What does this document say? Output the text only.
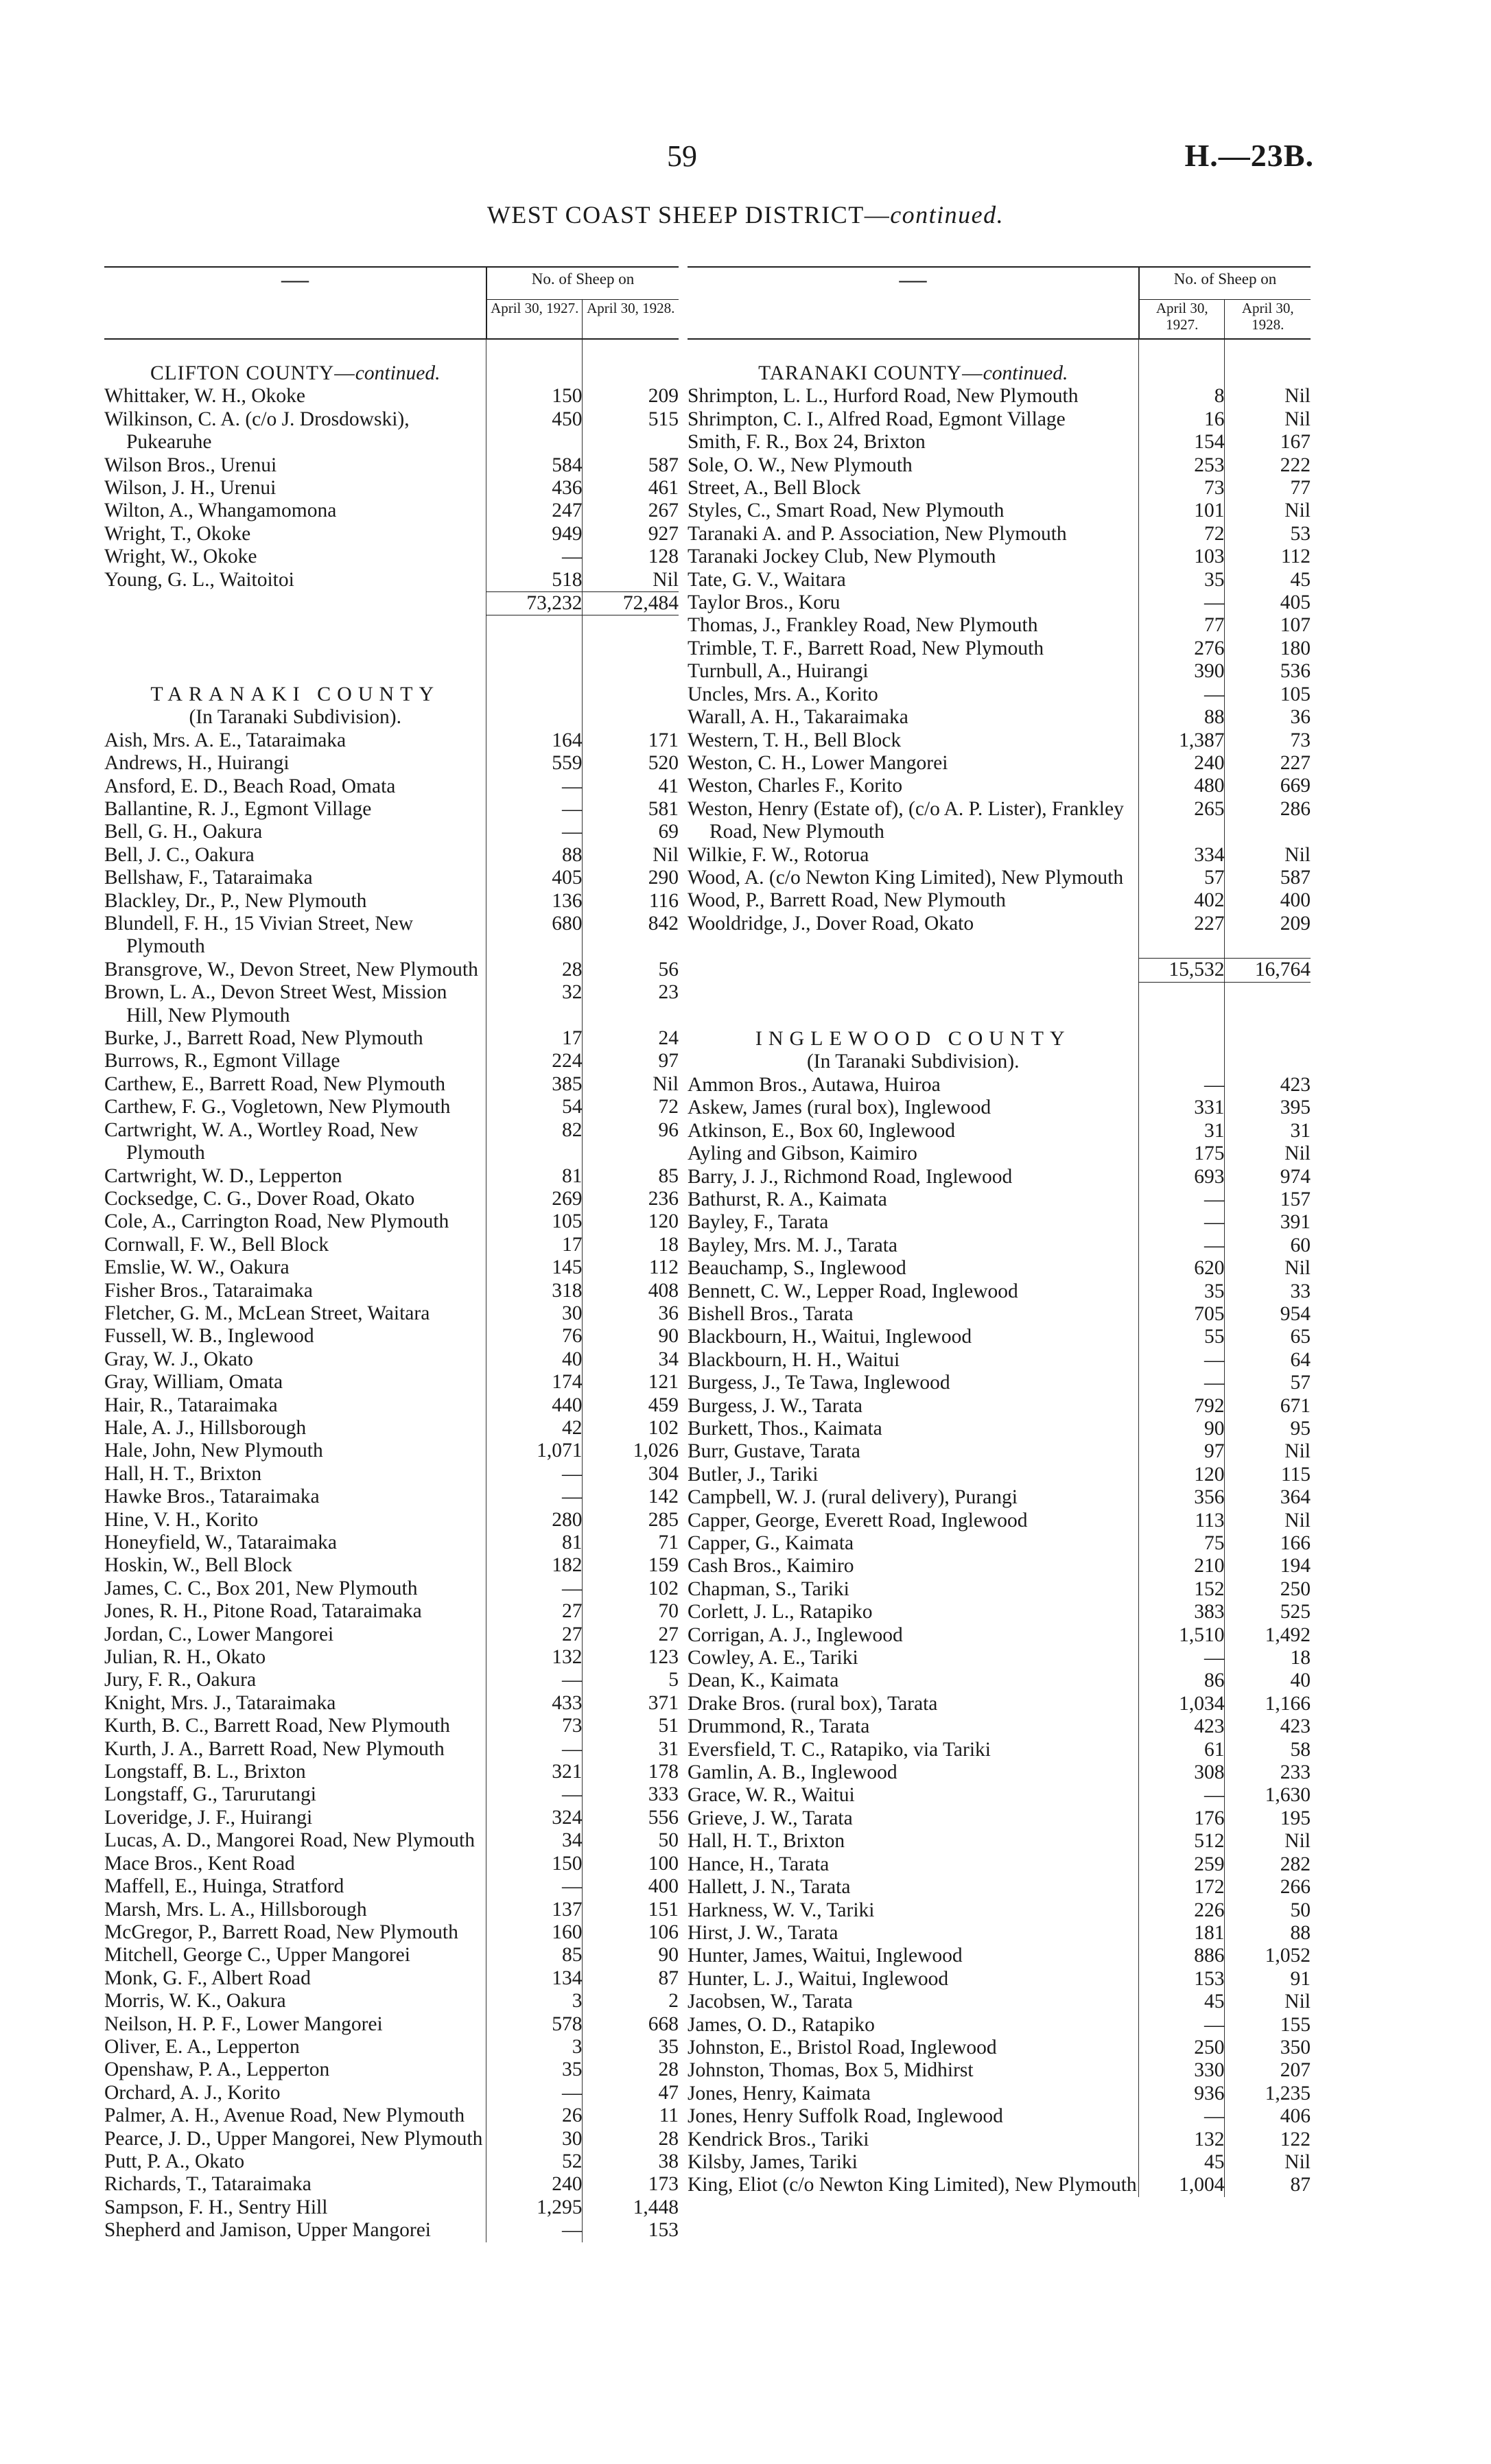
59	H.—23B.
WEST COAST SHEEP DISTRICT—continued.
—	No. of Sheep on	
	April 30, 1927.	April 30, 1928.

CLIFTON COUNTY—continued.		

Whittaker, W. H., Okoke	150	209

Wilkinson, C. A. (c/o J. Drosdowski), Pukearuhe	450	515

Wilson Bros., Urenui	584	587

Wilson, J. H., Urenui	436	461

Wilton, A., Whangamomona	247	267

Wright, T., Okoke	949	927

Wright, W., Okoke	—	128

Young, G. L., Waitoitoi	518	Nil
	73,232	72,484

TARANAKI COUNTY
(In Taranaki Subdivision).		

Aish, Mrs. A. E., Tataraimaka	164	171

Andrews, H., Huirangi	559	520

Ansford, E. D., Beach Road, Omata	—	41

Ballantine, R. J., Egmont Village	—	581

Bell, G. H., Oakura	—	69

Bell, J. C., Oakura	88	Nil

Bellshaw, F., Tataraimaka	405	290

Blackley, Dr., P., New Plymouth	136	116

Blundell, F. H., 15 Vivian Street, New Plymouth	680	842

Bransgrove, W., Devon Street, New Plymouth	28	56

Brown, L. A., Devon Street West, Mission Hill, New Plymouth	32	23

Burke, J., Barrett Road, New Plymouth	17	24

Burrows, R., Egmont Village	224	97

Carthew, E., Barrett Road, New Plymouth	385	Nil

Carthew, F. G., Vogletown, New Plymouth	54	72

Cartwright, W. A., Wortley Road, New Plymouth	82	96

Cartwright, W. D., Lepperton	81	85

Cocksedge, C. G., Dover Road, Okato	269	236

Cole, A., Carrington Road, New Plymouth	105	120

Cornwall, F. W., Bell Block	17	18

Emslie, W. W., Oakura	145	112

Fisher Bros., Tataraimaka	318	408

Fletcher, G. M., McLean Street, Waitara	30	36

Fussell, W. B., Inglewood	76	90

Gray, W. J., Okato	40	34

Gray, William, Omata	174	121

Hair, R., Tataraimaka	440	459

Hale, A. J., Hillsborough	42	102

Hale, John, New Plymouth	1,071	1,026

Hall, H. T., Brixton	—	304

Hawke Bros., Tataraimaka	—	142

Hine, V. H., Korito	280	285

Honeyfield, W., Tataraimaka	81	71

Hoskin, W., Bell Block	182	159

James, C. C., Box 201, New Plymouth	—	102

Jones, R. H., Pitone Road, Tataraimaka	27	70

Jordan, C., Lower Mangorei	27	27

Julian, R. H., Okato	132	123

Jury, F. R., Oakura	—	5

Knight, Mrs. J., Tataraimaka	433	371

Kurth, B. C., Barrett Road, New Plymouth	73	51

Kurth, J. A., Barrett Road, New Plymouth	—	31

Longstaff, B. L., Brixton	321	178

Longstaff, G., Tarurutangi	—	333

Loveridge, J. F., Huirangi	324	556

Lucas, A. D., Mangorei Road, New Plymouth	34	50

Mace Bros., Kent Road	150	100

Maffell, E., Huinga, Stratford	—	400

Marsh, Mrs. L. A., Hillsborough	137	151

McGregor, P., Barrett Road, New Plymouth	160	106

Mitchell, George C., Upper Mangorei	85	90

Monk, G. F., Albert Road	134	87

Morris, W. K., Oakura	3	2

Neilson, H. P. F., Lower Mangorei	578	668

Oliver, E. A., Lepperton	3	35

Openshaw, P. A., Lepperton	35	28

Orchard, A. J., Korito	—	47

Palmer, A. H., Avenue Road, New Plymouth	26	11

Pearce, J. D., Upper Mangorei, New Plymouth	30	28

Putt, P. A., Okato	52	38

Richards, T., Tataraimaka	240	173

Sampson, F. H., Sentry Hill	1,295	1,448

Shepherd and Jamison, Upper Mangorei	—	153
—	No. of Sheep on	
	April 30, 1927.	April 30, 1928.

TARANAKI COUNTY—continued.		

Shrimpton, L. L., Hurford Road, New Plymouth	8	Nil

Shrimpton, C. I., Alfred Road, Egmont Village	16	Nil

Smith, F. R., Box 24, Brixton	154	167

Sole, O. W., New Plymouth	253	222

Street, A., Bell Block	73	77

Styles, C., Smart Road, New Plymouth	101	Nil

Taranaki A. and P. Association, New Plymouth	72	53

Taranaki Jockey Club, New Plymouth	103	112

Tate, G. V., Waitara	35	45

Taylor Bros., Koru	—	405

Thomas, J., Frankley Road, New Plymouth	77	107

Trimble, T. F., Barrett Road, New Plymouth	276	180

Turnbull, A., Huirangi	390	536

Uncles, Mrs. A., Korito	—	105

Warall, A. H., Takaraimaka	88	36

Western, T. H., Bell Block	1,387	73

Weston, C. H., Lower Mangorei	240	227

Weston, Charles F., Korito	480	669

Weston, Henry (Estate of), (c/o A. P. Lister), Frankley Road, New Plymouth	265	286

Wilkie, F. W., Rotorua	334	Nil

Wood, A. (c/o Newton King Limited), New Plymouth	57	587

Wood, P., Barrett Road, New Plymouth	402	400

Wooldridge, J., Dover Road, Okato	227	209

	15,532	16,764

INGLEWOOD COUNTY
(In Taranaki Subdivision).		

Ammon Bros., Autawa, Huiroa	—	423

Askew, James (rural box), Inglewood	331	395

Atkinson, E., Box 60, Inglewood	31	31

Ayling and Gibson, Kaimiro	175	Nil

Barry, J. J., Richmond Road, Inglewood	693	974

Bathurst, R. A., Kaimata	—	157

Bayley, F., Tarata	—	391

Bayley, Mrs. M. J., Tarata	—	60

Beauchamp, S., Inglewood	620	Nil

Bennett, C. W., Lepper Road, Inglewood	35	33

Bishell Bros., Tarata	705	954

Blackbourn, H., Waitui, Inglewood	55	65

Blackbourn, H. H., Waitui	—	64

Burgess, J., Te Tawa, Inglewood	—	57

Burgess, J. W., Tarata	792	671

Burkett, Thos., Kaimata	90	95

Burr, Gustave, Tarata	97	Nil

Butler, J., Tariki	120	115

Campbell, W. J. (rural delivery), Purangi	356	364

Capper, George, Everett Road, Inglewood	113	Nil

Capper, G., Kaimata	75	166

Cash Bros., Kaimiro	210	194

Chapman, S., Tariki	152	250

Corlett, J. L., Ratapiko	383	525

Corrigan, A. J., Inglewood	1,510	1,492

Cowley, A. E., Tariki	—	18

Dean, K., Kaimata	86	40

Drake Bros. (rural box), Tarata	1,034	1,166

Drummond, R., Tarata	423	423

Eversfield, T. C., Ratapiko, via Tariki	61	58

Gamlin, A. B., Inglewood	308	233

Grace, W. R., Waitui	—	1,630

Grieve, J. W., Tarata	176	195

Hall, H. T., Brixton	512	Nil

Hance, H., Tarata	259	282

Hallett, J. N., Tarata	172	266

Harkness, W. V., Tariki	226	50

Hirst, J. W., Tarata	181	88

Hunter, James, Waitui, Inglewood	886	1,052

Hunter, L. J., Waitui, Inglewood	153	91

Jacobsen, W., Tarata	45	Nil

James, O. D., Ratapiko	—	155

Johnston, E., Bristol Road, Inglewood	250	350

Johnston, Thomas, Box 5, Midhirst	330	207

Jones, Henry, Kaimata	936	1,235

Jones, Henry Suffolk Road, Inglewood	—	406

Kendrick Bros., Tariki	132	122

Kilsby, James, Tariki	45	Nil

King, Eliot (c/o Newton King Limited), New Plymouth	1,004	87
